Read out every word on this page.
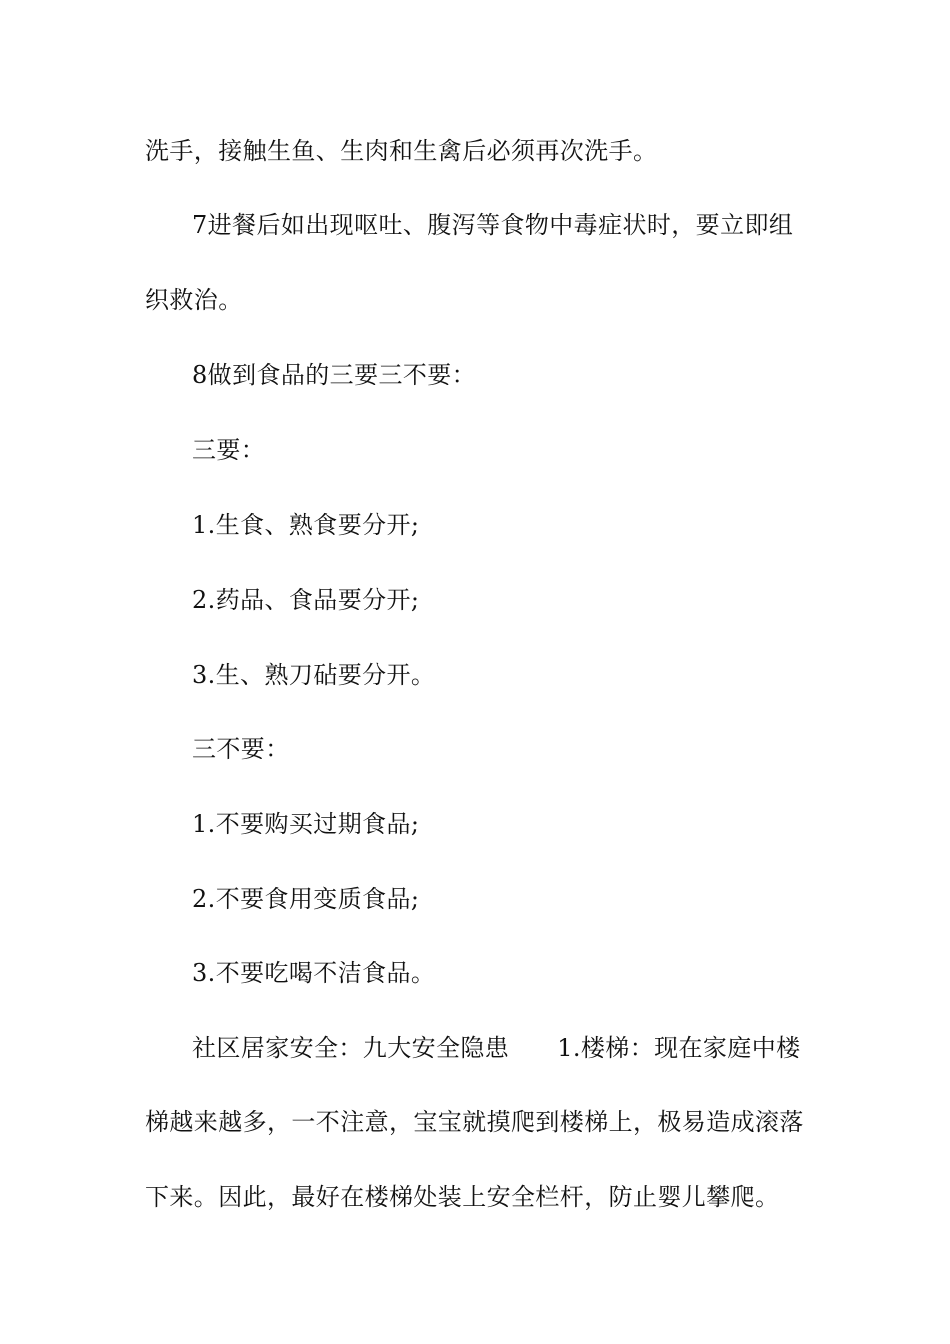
洗手，接触生鱼、生肉和生禽后必须再次洗手。
7进餐后如出现呕吐、腹泻等食物中毒症状时，要立即组
织救治。
8做到食品的三要三不要：
三要：
1.生食、熟食要分开;
2.药品、食品要分开;
3.生、熟刀砧要分开。
三不要：
1.不要购买过期食品;
2.不要食用变质食品;
3.不要吃喝不洁食品。
社区居家安全：九大安全隐患 1.楼梯：现在家庭中楼
梯越来越多，一不注意，宝宝就摸爬到楼梯上，极易造成滚落
下来。因此，最好在楼梯处装上安全栏杆，防止婴儿攀爬。
